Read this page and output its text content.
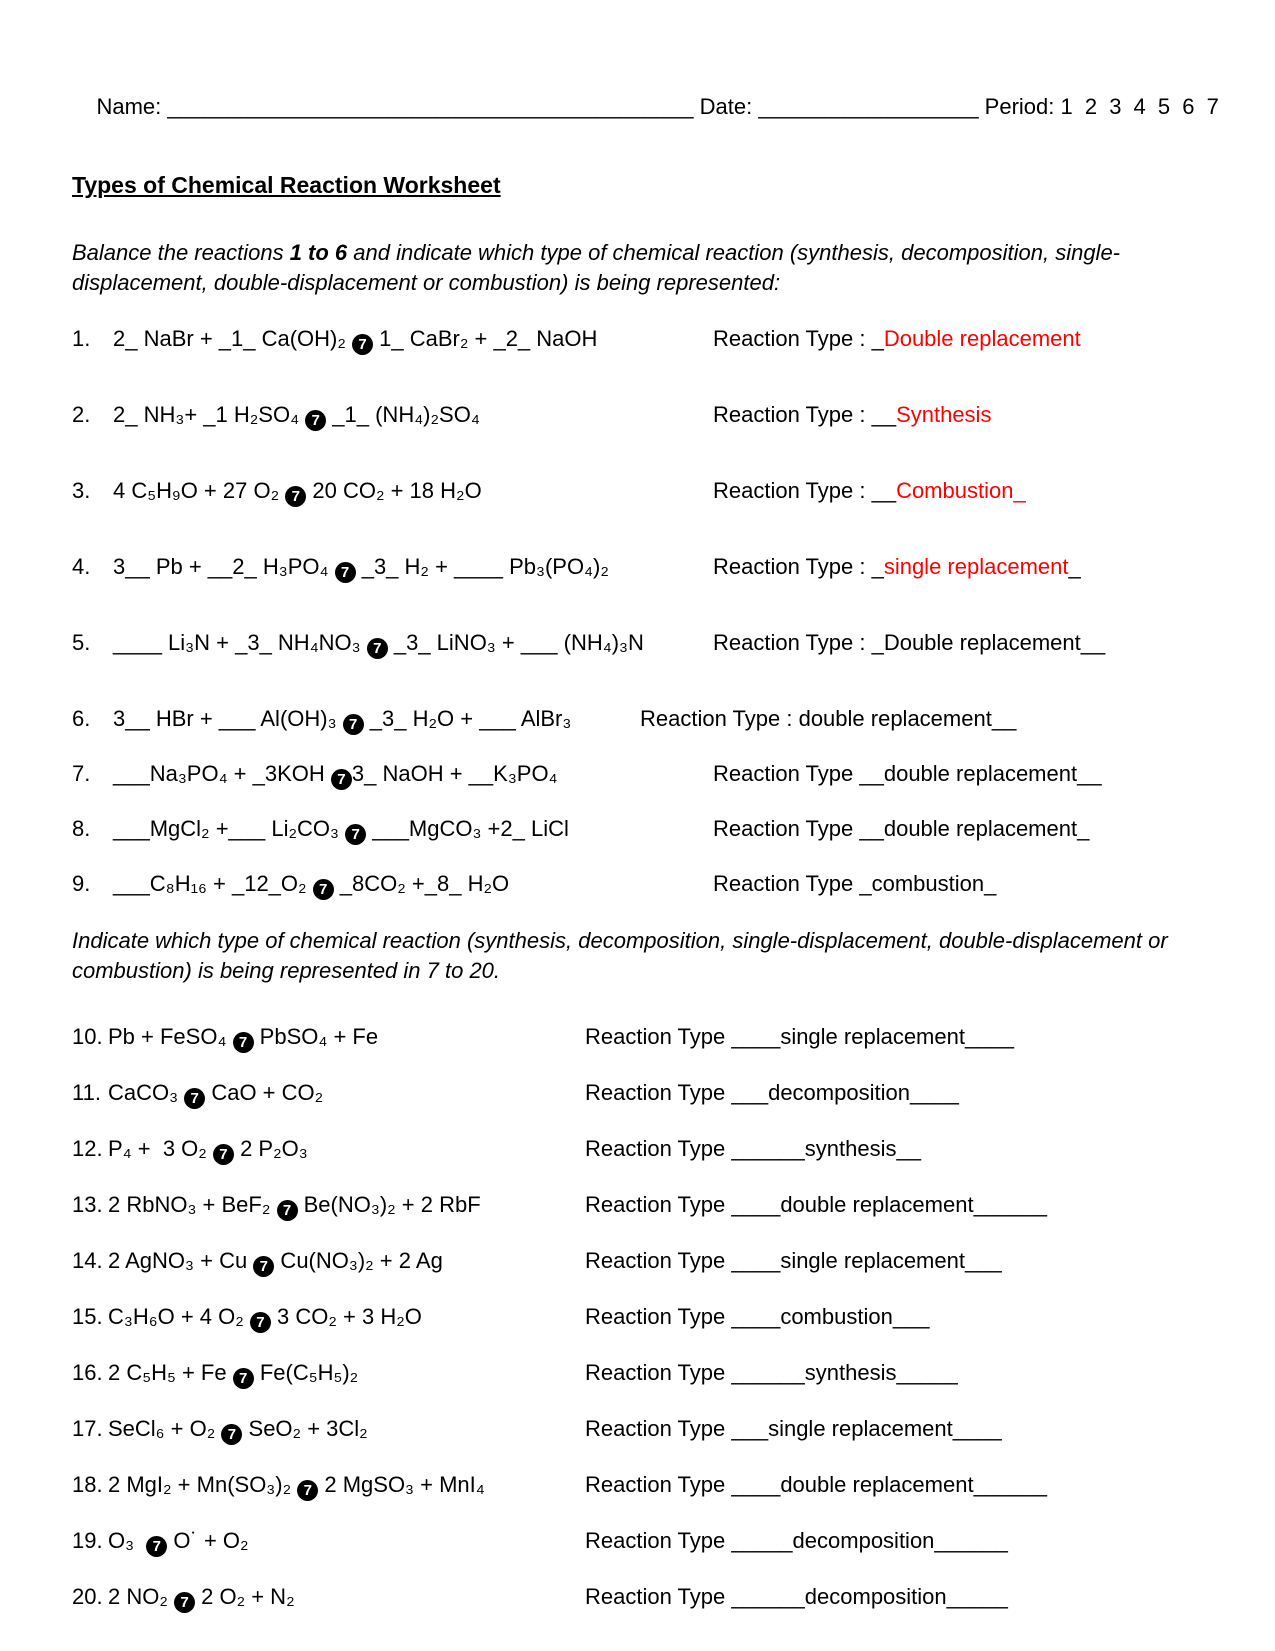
Name: ___________________________________________ Date: __________________ Period: 1 2 3 4 5 6 7

Types of Chemical Reaction Worksheet

Balance the reactions 1 to 6 and indicate which type of chemical reaction (synthesis, decomposition, single-displacement, double-displacement or combustion) is being represented:

1. 2_ NaBr + _1_ Ca(OH)₂ 7 1_ CaBr₂ + _2_ NaOH	Reaction Type : _Double replacement
2. 2_ NH₃+ _1 H₂SO₄ 7 _1_ (NH₄)₂SO₄	Reaction Type : __Synthesis
3. 4 C₅H₉O + 27 O₂ 7 20 CO₂ + 18 H₂O	Reaction Type : __Combustion_
4. 3__ Pb + __2_ H₃PO₄ 7 _3_ H₂ + ____ Pb₃(PO₄)₂	Reaction Type : _single replacement_
5. ____ Li₃N + _3_ NH₄NO₃ 7 _3_ LiNO₃ + ___ (NH₄)₃N	Reaction Type : _Double replacement__
6. 3__ HBr + ___ Al(OH)₃ 7 _3_ H₂O + ___ AlBr₃	Reaction Type : double replacement__
7. ___Na₃PO₄ + _3KOH 7 3_ NaOH + __K₃PO₄	Reaction Type __double replacement__
8. ___MgCl₂ +___ Li₂CO₃ 7 ___MgCO₃ +2_ LiCl	Reaction Type __double replacement_
9. ___C₈H₁₆ + _12_O₂ 7 _8CO₂ +_8_ H₂O	Reaction Type _combustion_

Indicate which type of chemical reaction (synthesis, decomposition, single-displacement, double-displacement or combustion) is being represented in 7 to 20.

10. Pb + FeSO₄ 7 PbSO₄ + Fe	Reaction Type ____single replacement____
11. CaCO₃ 7 CaO + CO₂	Reaction Type ___decomposition____
12. P₄ +  3 O₂ 7 2 P₂O₃	Reaction Type ______synthesis__
13. 2 RbNO₃ + BeF₂ 7 Be(NO₃)₂ + 2 RbF	Reaction Type ____double replacement______
14. 2 AgNO₃ + Cu 7 Cu(NO₃)₂ + 2 Ag	Reaction Type ____single replacement___
15. C₃H₆O + 4 O₂ 7 3 CO₂ + 3 H₂O	Reaction Type ____combustion___
16. 2 C₅H₅ + Fe 7 Fe(C₅H₅)₂	Reaction Type ______synthesis_____
17. SeCl₆ + O₂ 7 SeO₂ + 3Cl₂	Reaction Type ___single replacement____
18. 2 MgI₂ + Mn(SO₃)₂ 7 2 MgSO₃ + MnI₄	Reaction Type ____double replacement______
19. O₃  7 O˙ + O₂	Reaction Type _____decomposition______
20. 2 NO₂ 7 2 O₂ + N₂	Reaction Type ______decomposition_____
